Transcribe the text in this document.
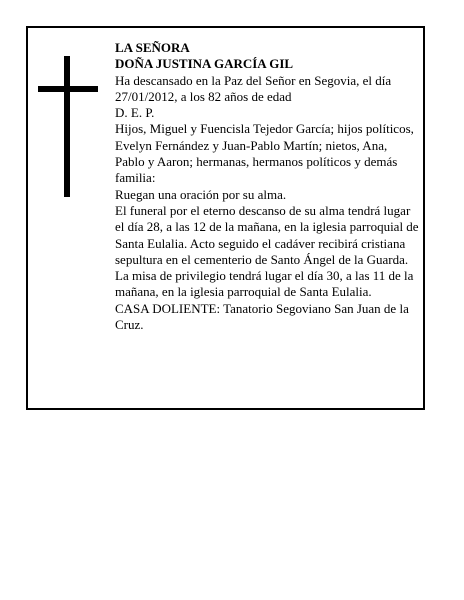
LA SEÑORA

DOÑA JUSTINA GARCÍA GIL

Ha descansado en la Paz del Señor en Segovia, el día 27/01/2012, a los 82 años de edad

D. E. P.

Hijos, Miguel y Fuencisla Tejedor García; hijos políticos, Evelyn Fernández y Juan-Pablo Martín; nietos, Ana, Pablo y Aaron; hermanas, hermanos políticos y demás familia:

Ruegan una oración por su alma.

El funeral por el eterno descanso de su alma tendrá lugar el día 28, a las 12 de la mañana, en la iglesia parroquial de Santa Eulalia. Acto seguido el cadáver recibirá cristiana sepultura en el cementerio de Santo Ángel de la Guarda. La misa de privilegio tendrá lugar el día 30, a las 11 de la mañana, en la iglesia parroquial de Santa Eulalia.

CASA DOLIENTE: Tanatorio Segoviano San Juan de la Cruz.
